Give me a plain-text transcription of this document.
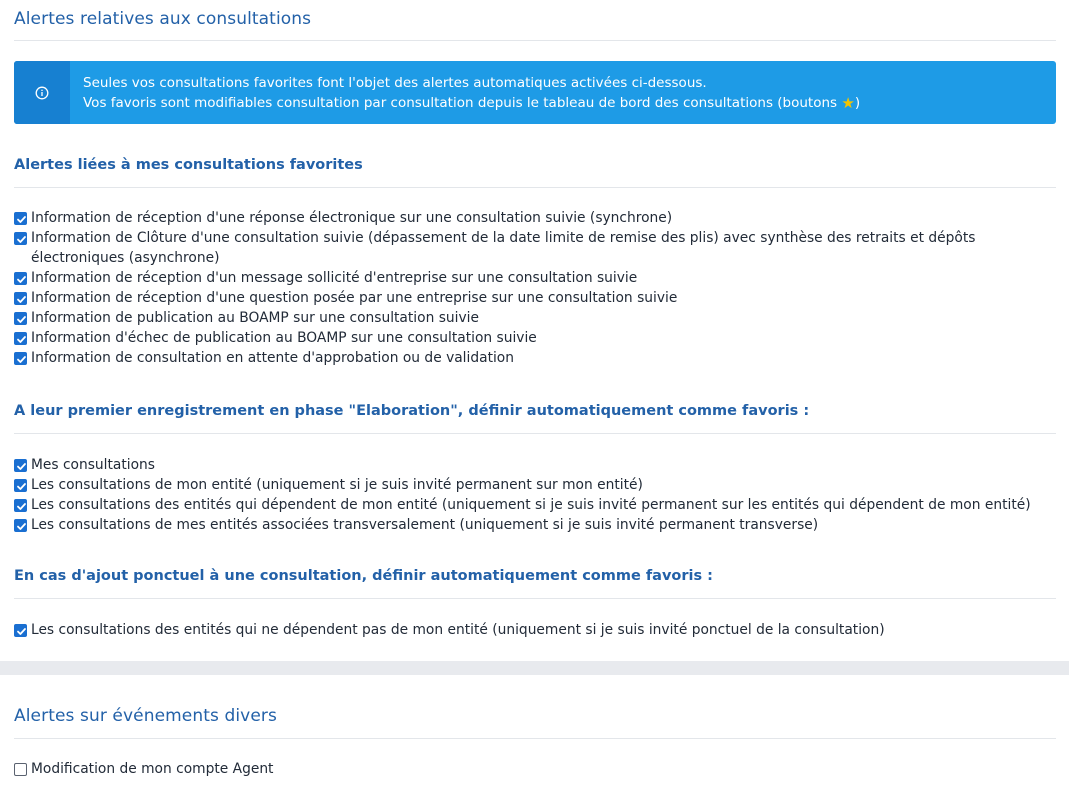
Alertes relatives aux consultations
Seules vos consultations favorites font l'objet des alertes automatiques activées ci-dessous.
Vos favoris sont modifiables consultation par consultation depuis le tableau de bord des consultations (boutons ★)
Alertes liées à mes consultations favorites
Information de réception d'une réponse électronique sur une consultation suivie (synchrone)
Information de Clôture d'une consultation suivie (dépassement de la date limite de remise des plis) avec synthèse des retraits et dépôts électroniques (asynchrone)
Information de réception d'un message sollicité d'entreprise sur une consultation suivie
Information de réception d'une question posée par une entreprise sur une consultation suivie
Information de publication au BOAMP sur une consultation suivie
Information d'échec de publication au BOAMP sur une consultation suivie
Information de consultation en attente d'approbation ou de validation
A leur premier enregistrement en phase "Elaboration", définir automatiquement comme favoris :
Mes consultations
Les consultations de mon entité (uniquement si je suis invité permanent sur mon entité)
Les consultations des entités qui dépendent de mon entité (uniquement si je suis invité permanent sur les entités qui dépendent de mon entité)
Les consultations de mes entités associées transversalement (uniquement si je suis invité permanent transverse)
En cas d'ajout ponctuel à une consultation, définir automatiquement comme favoris :
Les consultations des entités qui ne dépendent pas de mon entité (uniquement si je suis invité ponctuel de la consultation)
Alertes sur événements divers
Modification de mon compte Agent
